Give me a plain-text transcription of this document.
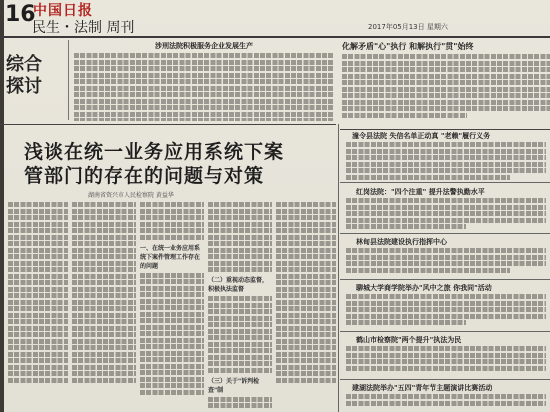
16
中国日报
民生・法制 周刊	2017年05月13日 星期六
综合
探讨
涉刑法院积极服务企业发展生产	化解矛盾"心"执行 和解执行"贯"始终
浅谈在统一业务应用系统下案
管部门的存在的问题与对策
湖南省资兴市人民检察院 黄益华
一、在统一业务应用系统下案件管理工作存在的问题
（二）重视动态监督，积极执法监督
（三）关于"诉判检查"制
潼令县法院 失信名单正动真 "老赖"履行义务
红岗法院："四个注重" 提升法警执勤水平
林甸县法院建设执行指挥中心
聊城大学商学院举办"风中之旅 你我同"活动
鹤山市检察院"两个提升"执法为民
建湖法院举办"五四"青年节主题演讲比赛活动
